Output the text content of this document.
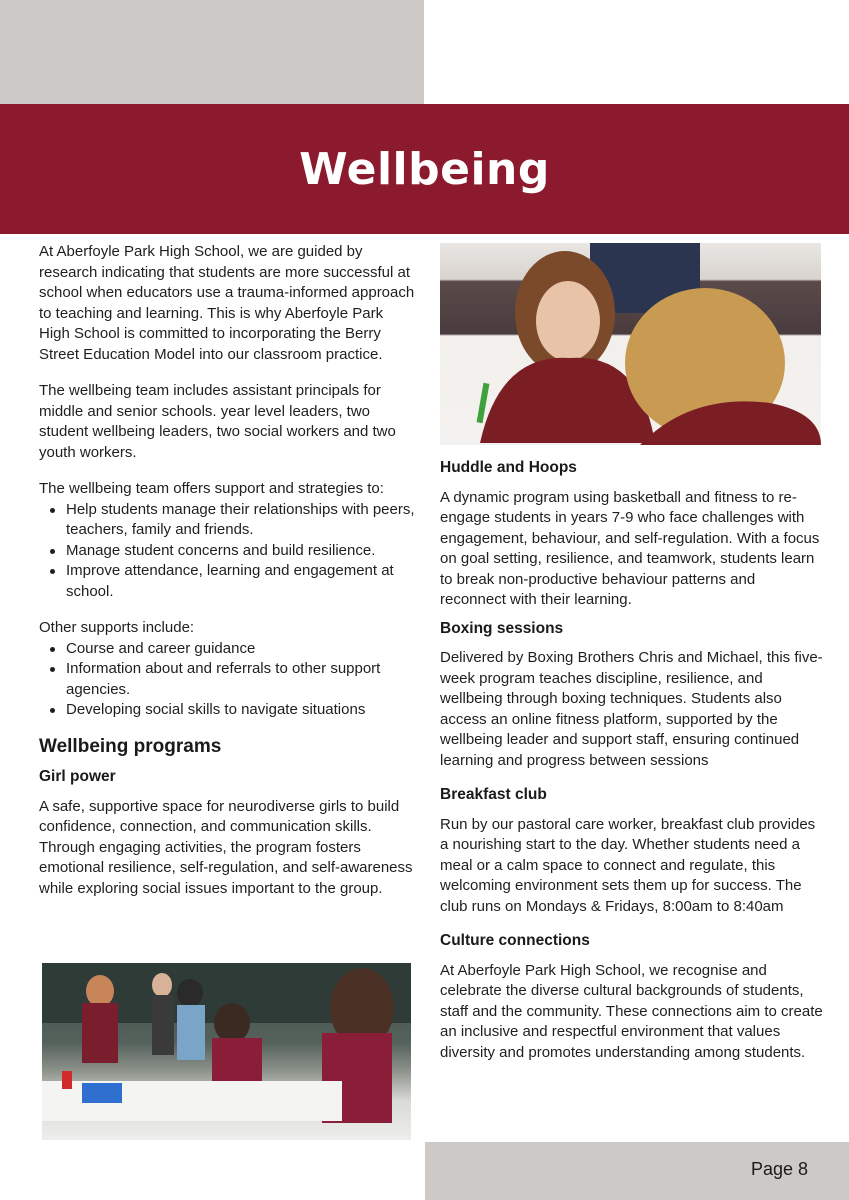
Wellbeing

At Aberfoyle Park High School, we are guided by research indicating that students are more successful at school when educators use a trauma-informed approach to teaching and learning. This is why Aberfoyle Park High School is committed to incorporating the Berry Street Education Model into our classroom practice.

The wellbeing team includes assistant principals for middle and senior schools. year level leaders, two student wellbeing leaders, two social workers and two youth workers.

The wellbeing team offers support and strategies to:

Help students manage their relationships with peers, teachers, family and friends.
Manage student concerns and build resilience.
Improve attendance, learning and engagement at school.

Other supports include:

Course and career guidance
Information about and referrals to other support agencies.
Developing social skills to navigate situations
Wellbeing programs
Girl power

A safe, supportive space for neurodiverse girls to build confidence, connection, and communication skills. Through engaging activities, the program fosters emotional resilience, self-regulation, and self-awareness while exploring social issues important to the group.

Huddle and Hoops

A dynamic program using basketball and fitness to re-engage students in years 7-9 who face challenges with engagement, behaviour, and self-regulation. With a focus on goal setting, resilience, and teamwork, students learn to break non-productive behaviour patterns and reconnect with their learning.

Boxing sessions

Delivered by Boxing Brothers Chris and Michael, this five-week program teaches discipline, resilience, and wellbeing through boxing techniques. Students also access an online fitness platform, supported by the wellbeing leader and support staff, ensuring continued learning and progress between sessions

Breakfast club

Run by our pastoral care worker, breakfast club provides a nourishing start to the day. Whether students need a meal or a calm space to connect and regulate, this welcoming environment sets them up for success. The club runs on Mondays & Fridays, 8:00am to 8:40am

Culture connections

At Aberfoyle Park High School, we recognise and celebrate the diverse cultural backgrounds of students, staff and the community. These connections aim to create an inclusive and respectful environment that values diversity and promotes understanding among students.

Page 8
